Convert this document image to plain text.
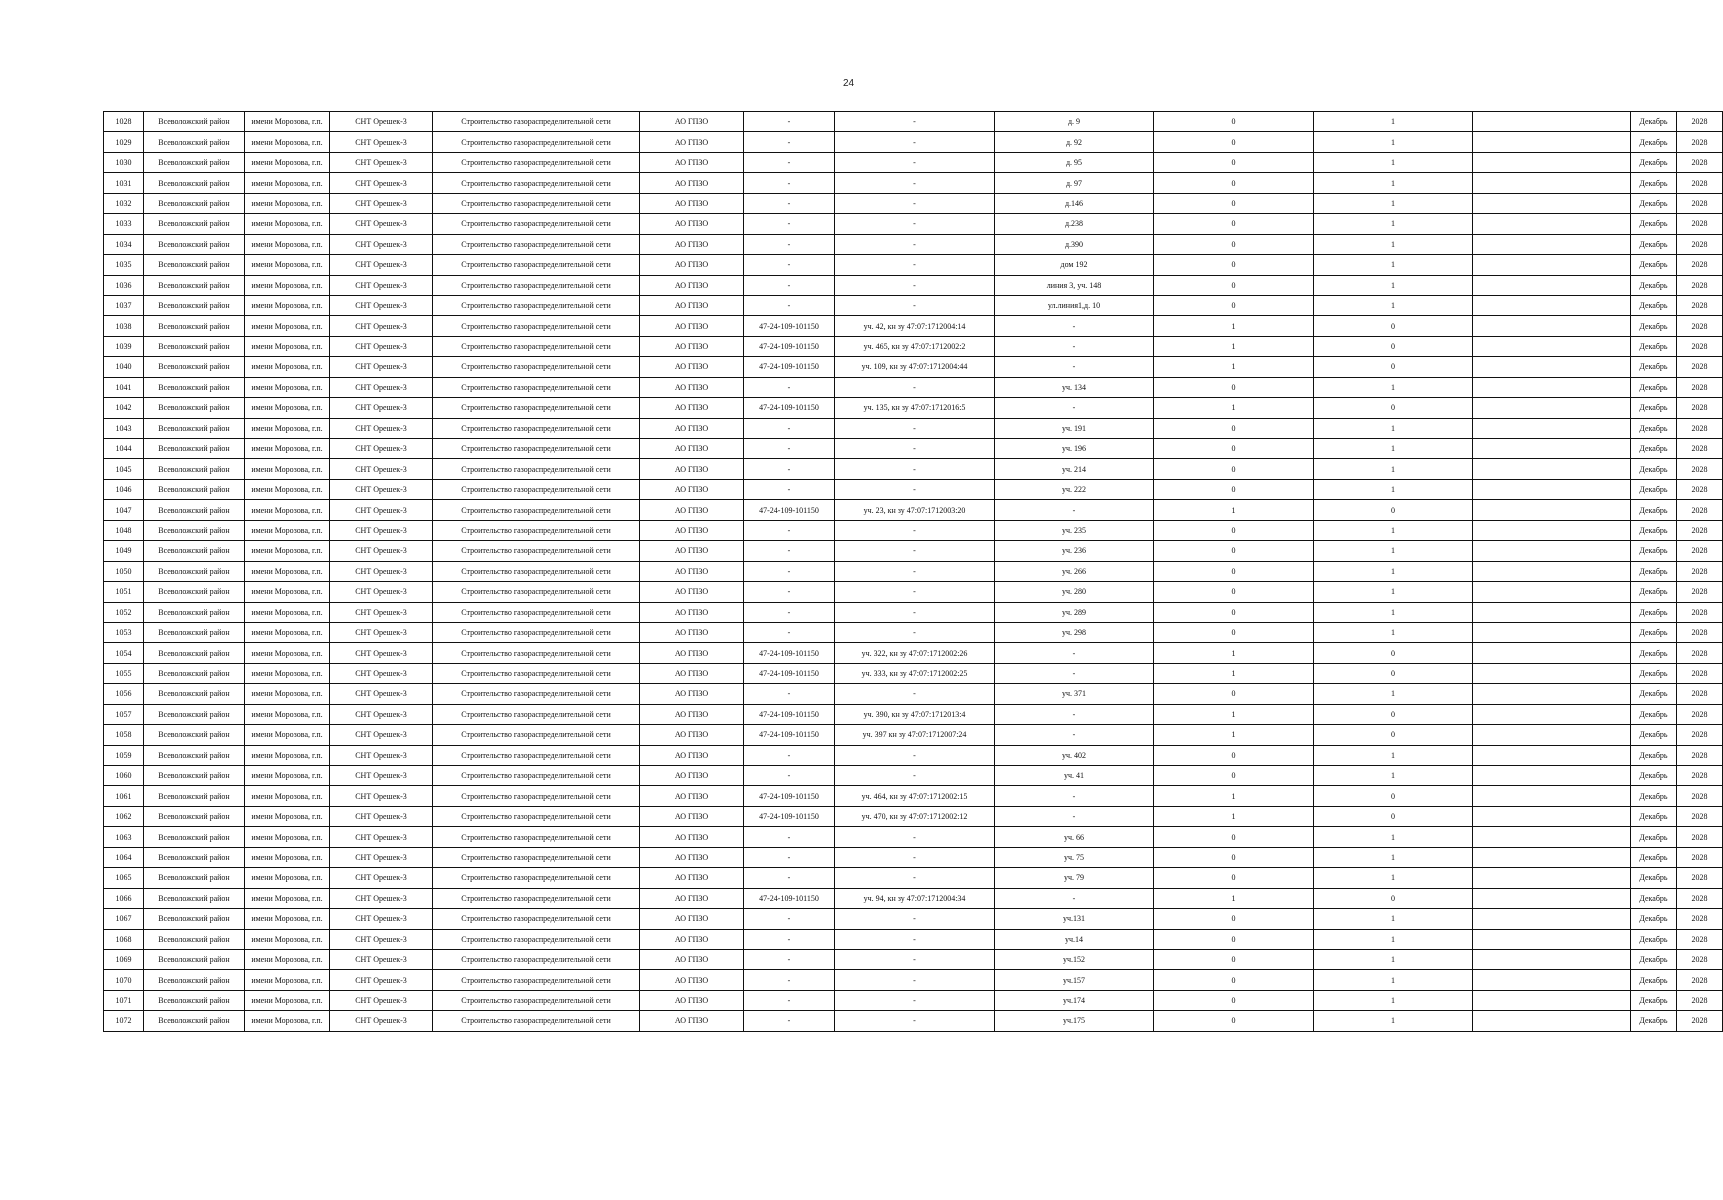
24
1028	Всеволожский район	имени Морозова, г.п.	СНТ Орешек-3	Строительство газораспределительной сети	АО ГПЗО	-	-	д. 9	0	1		Декабрь	2028
1029	Всеволожский район	имени Морозова, г.п.	СНТ Орешек-3	Строительство газораспределительной сети	АО ГПЗО	-	-	д. 92	0	1		Декабрь	2028
1030	Всеволожский район	имени Морозова, г.п.	СНТ Орешек-3	Строительство газораспределительной сети	АО ГПЗО	-	-	д. 95	0	1		Декабрь	2028
1031	Всеволожский район	имени Морозова, г.п.	СНТ Орешек-3	Строительство газораспределительной сети	АО ГПЗО	-	-	д. 97	0	1		Декабрь	2028
1032	Всеволожский район	имени Морозова, г.п.	СНТ Орешек-3	Строительство газораспределительной сети	АО ГПЗО	-	-	д.146	0	1		Декабрь	2028
1033	Всеволожский район	имени Морозова, г.п.	СНТ Орешек-3	Строительство газораспределительной сети	АО ГПЗО	-	-	д.238	0	1		Декабрь	2028
1034	Всеволожский район	имени Морозова, г.п.	СНТ Орешек-3	Строительство газораспределительной сети	АО ГПЗО	-	-	д.390	0	1		Декабрь	2028
1035	Всеволожский район	имени Морозова, г.п.	СНТ Орешек-3	Строительство газораспределительной сети	АО ГПЗО	-	-	дом 192	0	1		Декабрь	2028
1036	Всеволожский район	имени Морозова, г.п.	СНТ Орешек-3	Строительство газораспределительной сети	АО ГПЗО	-	-	линия 3, уч. 148	0	1		Декабрь	2028
1037	Всеволожский район	имени Морозова, г.п.	СНТ Орешек-3	Строительство газораспределительной сети	АО ГПЗО	-	-	ул.линия1,д. 10	0	1		Декабрь	2028
1038	Всеволожский район	имени Морозова, г.п.	СНТ Орешек-3	Строительство газораспределительной сети	АО ГПЗО	47-24-109-101150	уч. 42, кн зу 47:07:1712004:14	-	1	0		Декабрь	2028
1039	Всеволожский район	имени Морозова, г.п.	СНТ Орешек-3	Строительство газораспределительной сети	АО ГПЗО	47-24-109-101150	уч. 465, кн зу 47:07:1712002:2	-	1	0		Декабрь	2028
1040	Всеволожский район	имени Морозова, г.п.	СНТ Орешек-3	Строительство газораспределительной сети	АО ГПЗО	47-24-109-101150	уч. 109, кн зу 47:07:1712004:44	-	1	0		Декабрь	2028
1041	Всеволожский район	имени Морозова, г.п.	СНТ Орешек-3	Строительство газораспределительной сети	АО ГПЗО	-	-	уч. 134	0	1		Декабрь	2028
1042	Всеволожский район	имени Морозова, г.п.	СНТ Орешек-3	Строительство газораспределительной сети	АО ГПЗО	47-24-109-101150	уч. 135, кн зу 47:07:1712016:5	-	1	0		Декабрь	2028
1043	Всеволожский район	имени Морозова, г.п.	СНТ Орешек-3	Строительство газораспределительной сети	АО ГПЗО	-	-	уч. 191	0	1		Декабрь	2028
1044	Всеволожский район	имени Морозова, г.п.	СНТ Орешек-3	Строительство газораспределительной сети	АО ГПЗО	-	-	уч. 196	0	1		Декабрь	2028
1045	Всеволожский район	имени Морозова, г.п.	СНТ Орешек-3	Строительство газораспределительной сети	АО ГПЗО	-	-	уч. 214	0	1		Декабрь	2028
1046	Всеволожский район	имени Морозова, г.п.	СНТ Орешек-3	Строительство газораспределительной сети	АО ГПЗО	-	-	уч. 222	0	1		Декабрь	2028
1047	Всеволожский район	имени Морозова, г.п.	СНТ Орешек-3	Строительство газораспределительной сети	АО ГПЗО	47-24-109-101150	уч. 23, кн зу 47:07:1712003:20	-	1	0		Декабрь	2028
1048	Всеволожский район	имени Морозова, г.п.	СНТ Орешек-3	Строительство газораспределительной сети	АО ГПЗО	-	-	уч. 235	0	1		Декабрь	2028
1049	Всеволожский район	имени Морозова, г.п.	СНТ Орешек-3	Строительство газораспределительной сети	АО ГПЗО	-	-	уч. 236	0	1		Декабрь	2028
1050	Всеволожский район	имени Морозова, г.п.	СНТ Орешек-3	Строительство газораспределительной сети	АО ГПЗО	-	-	уч. 266	0	1		Декабрь	2028
1051	Всеволожский район	имени Морозова, г.п.	СНТ Орешек-3	Строительство газораспределительной сети	АО ГПЗО	-	-	уч. 280	0	1		Декабрь	2028
1052	Всеволожский район	имени Морозова, г.п.	СНТ Орешек-3	Строительство газораспределительной сети	АО ГПЗО	-	-	уч. 289	0	1		Декабрь	2028
1053	Всеволожский район	имени Морозова, г.п.	СНТ Орешек-3	Строительство газораспределительной сети	АО ГПЗО	-	-	уч. 298	0	1		Декабрь	2028
1054	Всеволожский район	имени Морозова, г.п.	СНТ Орешек-3	Строительство газораспределительной сети	АО ГПЗО	47-24-109-101150	уч. 322, кн зу 47:07:1712002:26	-	1	0		Декабрь	2028
1055	Всеволожский район	имени Морозова, г.п.	СНТ Орешек-3	Строительство газораспределительной сети	АО ГПЗО	47-24-109-101150	уч. 333, кн зу 47:07:1712002:25	-	1	0		Декабрь	2028
1056	Всеволожский район	имени Морозова, г.п.	СНТ Орешек-3	Строительство газораспределительной сети	АО ГПЗО	-	-	уч. 371	0	1		Декабрь	2028
1057	Всеволожский район	имени Морозова, г.п.	СНТ Орешек-3	Строительство газораспределительной сети	АО ГПЗО	47-24-109-101150	уч. 390, кн зу 47:07:1712013:4	-	1	0		Декабрь	2028
1058	Всеволожский район	имени Морозова, г.п.	СНТ Орешек-3	Строительство газораспределительной сети	АО ГПЗО	47-24-109-101150	уч. 397 кн зу 47:07:1712007:24	-	1	0		Декабрь	2028
1059	Всеволожский район	имени Морозова, г.п.	СНТ Орешек-3	Строительство газораспределительной сети	АО ГПЗО	-	-	уч. 402	0	1		Декабрь	2028
1060	Всеволожский район	имени Морозова, г.п.	СНТ Орешек-3	Строительство газораспределительной сети	АО ГПЗО	-	-	уч. 41	0	1		Декабрь	2028
1061	Всеволожский район	имени Морозова, г.п.	СНТ Орешек-3	Строительство газораспределительной сети	АО ГПЗО	47-24-109-101150	уч. 464, кн зу 47:07:1712002:15	-	1	0		Декабрь	2028
1062	Всеволожский район	имени Морозова, г.п.	СНТ Орешек-3	Строительство газораспределительной сети	АО ГПЗО	47-24-109-101150	уч. 470, кн зу 47:07:1712002:12	-	1	0		Декабрь	2028
1063	Всеволожский район	имени Морозова, г.п.	СНТ Орешек-3	Строительство газораспределительной сети	АО ГПЗО	-	-	уч. 66	0	1		Декабрь	2028
1064	Всеволожский район	имени Морозова, г.п.	СНТ Орешек-3	Строительство газораспределительной сети	АО ГПЗО	-	-	уч. 75	0	1		Декабрь	2028
1065	Всеволожский район	имени Морозова, г.п.	СНТ Орешек-3	Строительство газораспределительной сети	АО ГПЗО	-	-	уч. 79	0	1		Декабрь	2028
1066	Всеволожский район	имени Морозова, г.п.	СНТ Орешек-3	Строительство газораспределительной сети	АО ГПЗО	47-24-109-101150	уч. 94, кн зу 47:07:1712004:34	-	1	0		Декабрь	2028
1067	Всеволожский район	имени Морозова, г.п.	СНТ Орешек-3	Строительство газораспределительной сети	АО ГПЗО	-	-	уч.131	0	1		Декабрь	2028
1068	Всеволожский район	имени Морозова, г.п.	СНТ Орешек-3	Строительство газораспределительной сети	АО ГПЗО	-	-	уч.14	0	1		Декабрь	2028
1069	Всеволожский район	имени Морозова, г.п.	СНТ Орешек-3	Строительство газораспределительной сети	АО ГПЗО	-	-	уч.152	0	1		Декабрь	2028
1070	Всеволожский район	имени Морозова, г.п.	СНТ Орешек-3	Строительство газораспределительной сети	АО ГПЗО	-	-	уч.157	0	1		Декабрь	2028
1071	Всеволожский район	имени Морозова, г.п.	СНТ Орешек-3	Строительство газораспределительной сети	АО ГПЗО	-	-	уч.174	0	1		Декабрь	2028
1072	Всеволожский район	имени Морозова, г.п.	СНТ Орешек-3	Строительство газораспределительной сети	АО ГПЗО	-	-	уч.175	0	1		Декабрь	2028
